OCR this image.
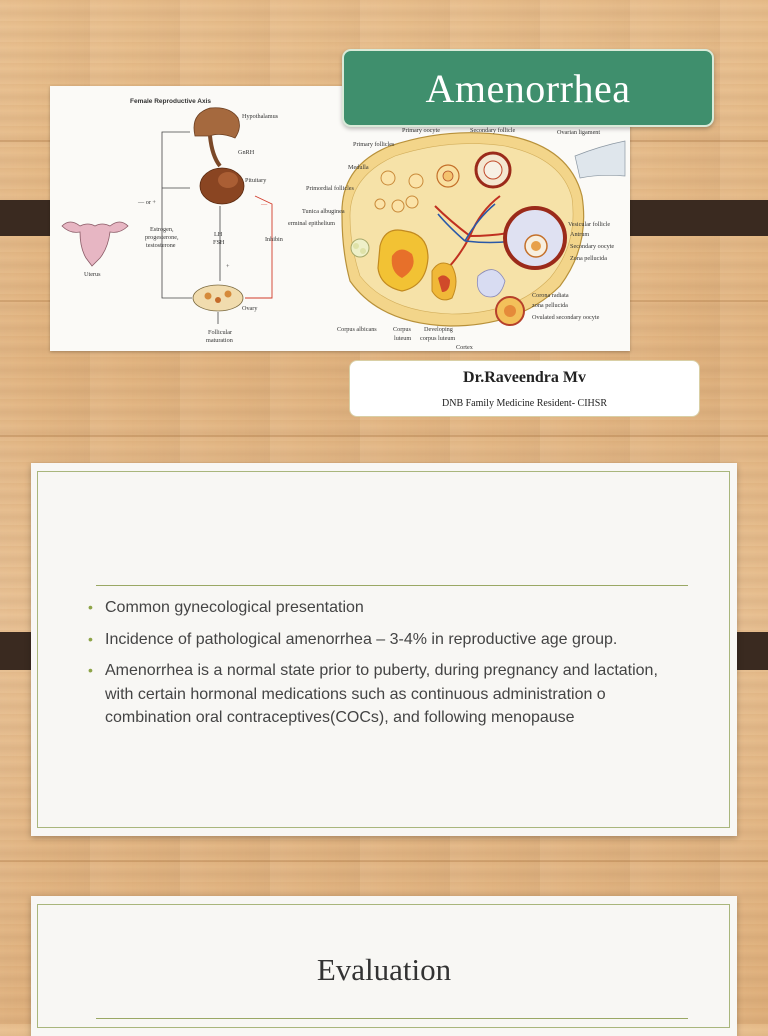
Female Reproductive Axis
Hypothalamus
GnRH
Pituitary
LH
FSH
+
Ovary
Follicular
maturation
— or +
Estrogen,
progesterone,
testosterone
Inhibin
—
Uterus
Primary oocyte	Secondary follicle	Ovarian ligament
Primary follicles
Medulla
Primordial follicles
Tunica albuginea
erminal epithelium	Vesicular follicle
Antrum
Secondary oocyte
Zona pellucida
Corona radiata
zona pellucida
Ovulated secondary oocyte
Corpus albicans	Corpus
luteum
Developing
corpus luteum
Cortex
Amenorrhea
Dr.Raveendra Mv
DNB Family Medicine Resident- CIHSR
• Common gynecological presentation
• Incidence of pathological amenorrhea – 3-4% in reproductive age group.
• Amenorrhea is a normal state prior to puberty, during pregnancy and lactation, with certain hormonal medications such as continuous administration o combination oral contraceptives(COCs), and following menopause
Evaluation
